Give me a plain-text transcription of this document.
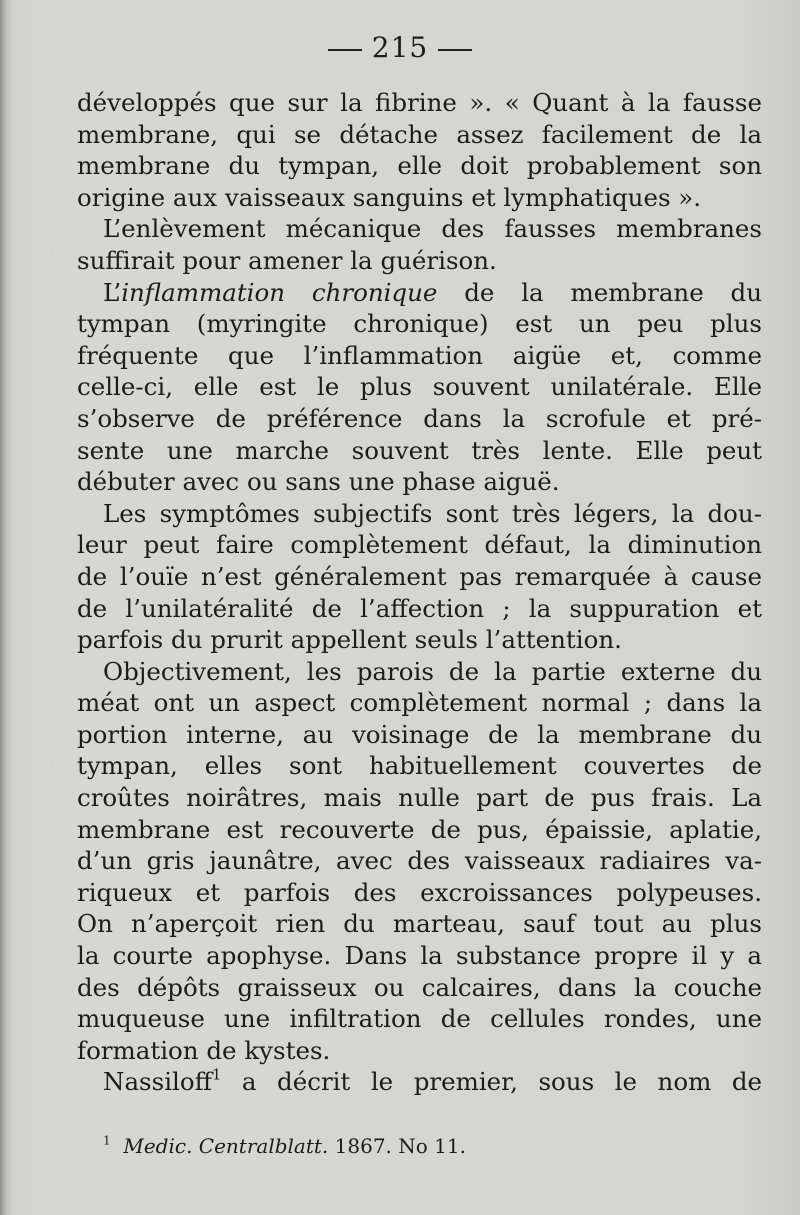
215
développés que sur la fibrine ». « Quant à la fausse
membrane, qui se détache assez facilement de la
membrane du tympan, elle doit probablement son
origine aux vaisseaux sanguins et lymphatiques ».
L’enlèvement mécanique des fausses membranes
suffirait pour amener la guérison.
L’inflammation chronique de la membrane du
tympan (myringite chronique) est un peu plus
fréquente que l’inflammation aigüe et, comme
celle-ci, elle est le plus souvent unilatérale. Elle
s’observe de préférence dans la scrofule et pré-
sente une marche souvent très lente. Elle peut
débuter avec ou sans une phase aiguë.
Les symptômes subjectifs sont très légers, la dou-
leur peut faire complètement défaut, la diminution
de l’ouïe n’est généralement pas remarquée à cause
de l’unilatéralité de l’affection ; la suppuration et
parfois du prurit appellent seuls l’attention.
Objectivement, les parois de la partie externe du
méat ont un aspect complètement normal ; dans la
portion interne, au voisinage de la membrane du
tympan, elles sont habituellement couvertes de
croûtes noirâtres, mais nulle part de pus frais. La
membrane est recouverte de pus, épaissie, aplatie,
d’un gris jaunâtre, avec des vaisseaux radiaires va-
riqueux et parfois des excroissances polypeuses.
On n’aperçoit rien du marteau, sauf tout au plus
la courte apophyse. Dans la substance propre il y a
des dépôts graisseux ou calcaires, dans la couche
muqueuse une infiltration de cellules rondes, une
formation de kystes.
Nassiloff$^1$ a décrit le premier, sous le nom de
$^1$ Medic. Centralblatt. 1867. No 11.
